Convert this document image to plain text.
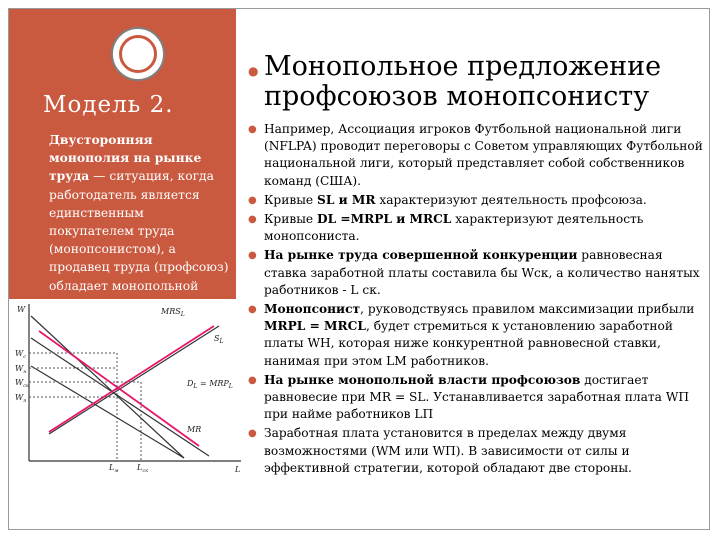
Модель 2.
Двусторонняя монополия на рынке труда — ситуация, когда работодатель является единственным покупателем труда (монопсонистом), а продавец труда (профсоюз) обладает монопольной властью.
W
L
$MRS_L$
$S_L$
$D_L = MRP_L$
MR
$W_с$
$W_н$
$W_{ск}$
$W_п$
$L_м$ $L_{ск}$
● Монопольное предложение профсоюзов монопсонисту
● Например, Ассоциация игроков Футбольной национальной лиги (NFLPA) проводит переговоры с Советом управляющих Футбольной национальной лиги, который представляет собой собственников команд (США).
● Кривые SL и MR характеризуют деятельность профсоюза.
● Кривые DL =MRPL и MRCL характеризуют деятельность монопсониста.
● На рынке труда совершенной конкуренции равновесная ставка заработной платы составила бы Wск, а количество нанятых работников - L ск.
● Монопсонист, руководствуясь правилом максимизации прибыли MRPL = MRCL, будет стремиться к установлению заработной платы WН, которая ниже конкурентной равновесной ставки, нанимая при этом LМ работников.
● На рынке монопольной власти профсоюзов достигает равновесие при MR = SL. Устанавливается заработная плата WП при найме работников LП
● Заработная плата установится в пределах между двумя возможностями (WМ или WП). В зависимости от силы и эффективной стратегии, которой обладают две стороны.
